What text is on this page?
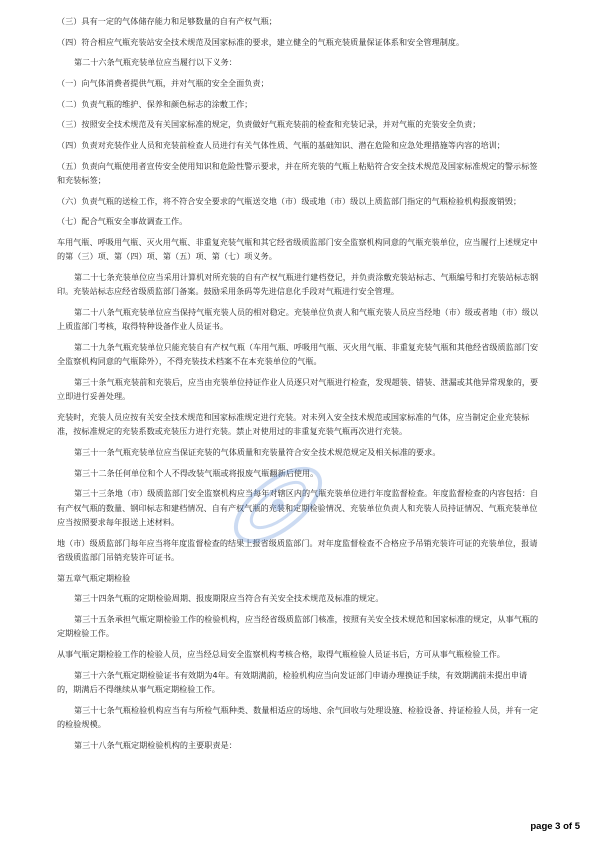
（三）具有一定的气体储存能力和足够数量的自有产权气瓶；

（四）符合相应气瓶充装站安全技术规范及国家标准的要求，建立健全的气瓶充装质量保证体系和安全管理制度。

第二十六条气瓶充装单位应当履行以下义务：

（一）向气体消费者提供气瓶，并对气瓶的安全全面负责；

（二）负责气瓶的维护、保养和颜色标志的涂敷工作；

（三）按照安全技术规范及有关国家标准的规定，负责做好气瓶充装前的检查和充装记录，并对气瓶的充装安全负责；

（四）负责对充装作业人员和充装前检查人员进行有关气体性质、气瓶的基础知识、潜在危险和应急处理措施等内容的培训；

（五）负责向气瓶使用者宣传安全使用知识和危险性警示要求，并在所充装的气瓶上粘贴符合安全技术规范及国家标准规定的警示标签和充装标签；

（六）负责气瓶的送检工作，将不符合安全要求的气瓶送交地（市）级或地（市）级以上质监部门指定的气瓶检验机构报废销毁；

（七）配合气瓶安全事故调查工作。

车用气瓶、呼吸用气瓶、灭火用气瓶、非重复充装气瓶和其它经省级质监部门安全监察机构同意的气瓶充装单位，应当履行上述规定中的第（三）项、第（四）项、第（五）项、第（七）项义务。

第二十七条充装单位应当采用计算机对所充装的自有产权气瓶进行建档登记，并负责涂敷充装站标志、气瓶编号和打充装站标志钢印。充装站标志应经省级质监部门备案。鼓励采用条码等先进信息化手段对气瓶进行安全管理。

第二十八条气瓶充装单位应当保持气瓶充装人员的相对稳定。充装单位负责人和气瓶充装人员应当经地（市）级或者地（市）级以上质监部门考核，取得特种设备作业人员证书。

第二十九条气瓶充装单位只能充装自有产权气瓶（车用气瓶、呼吸用气瓶、灭火用气瓶、非重复充装气瓶和其他经省级质监部门安全监察机构同意的气瓶除外），不得充装技术档案不在本充装单位的气瓶。

第三十条气瓶充装前和充装后，应当由充装单位持证作业人员逐只对气瓶进行检查，发现超装、错装、泄漏或其他异常现象的，要立即进行妥善处理。

充装时，充装人员应按有关安全技术规范和国家标准规定进行充装。对未列入安全技术规范或国家标准的气体，应当制定企业充装标准，按标准规定的充装系数或充装压力进行充装。禁止对使用过的非重复充装气瓶再次进行充装。

第三十一条气瓶充装单位应当保证充装的气体质量和充装量符合安全技术规范规定及相关标准的要求。

第三十二条任何单位和个人不得改装气瓶或将报废气瓶翻新后使用。

第三十三条地（市）级质监部门安全监察机构应当每年对辖区内的气瓶充装单位进行年度监督检查。年度监督检查的内容包括：自有产权气瓶的数量、钢印标志和建档情况、自有产权气瓶的充装和定期检验情况、充装单位负责人和充装人员持证情况、气瓶充装单位应当按照要求每年报送上述材料。

地（市）级质监部门每年应当将年度监督检查的结果上报省级质监部门。对年度监督检查不合格应予吊销充装许可证的充装单位，报请省级质监部门吊销充装许可证书。

第五章气瓶定期检验

第三十四条气瓶的定期检验周期、报废期限应当符合有关安全技术规范及标准的规定。

第三十五条承担气瓶定期检验工作的检验机构，应当经省级质监部门核准，按照有关安全技术规范和国家标准的规定，从事气瓶的定期检验工作。

从事气瓶定期检验工作的检验人员，应当经总局安全监察机构考核合格，取得气瓶检验人员证书后，方可从事气瓶检验工作。

第三十六条气瓶定期检验证书有效期为4年。有效期满前，检验机构应当向发证部门申请办理换证手续，有效期满前未提出申请的，期满后不得继续从事气瓶定期检验工作。

第三十七条气瓶检验机构应当有与所检气瓶种类、数量相适应的场地、余气回收与处理设施、检验设备、持证检验人员，并有一定的检验规模。

第三十八条气瓶定期检验机构的主要职责是：

page 3 of 5
